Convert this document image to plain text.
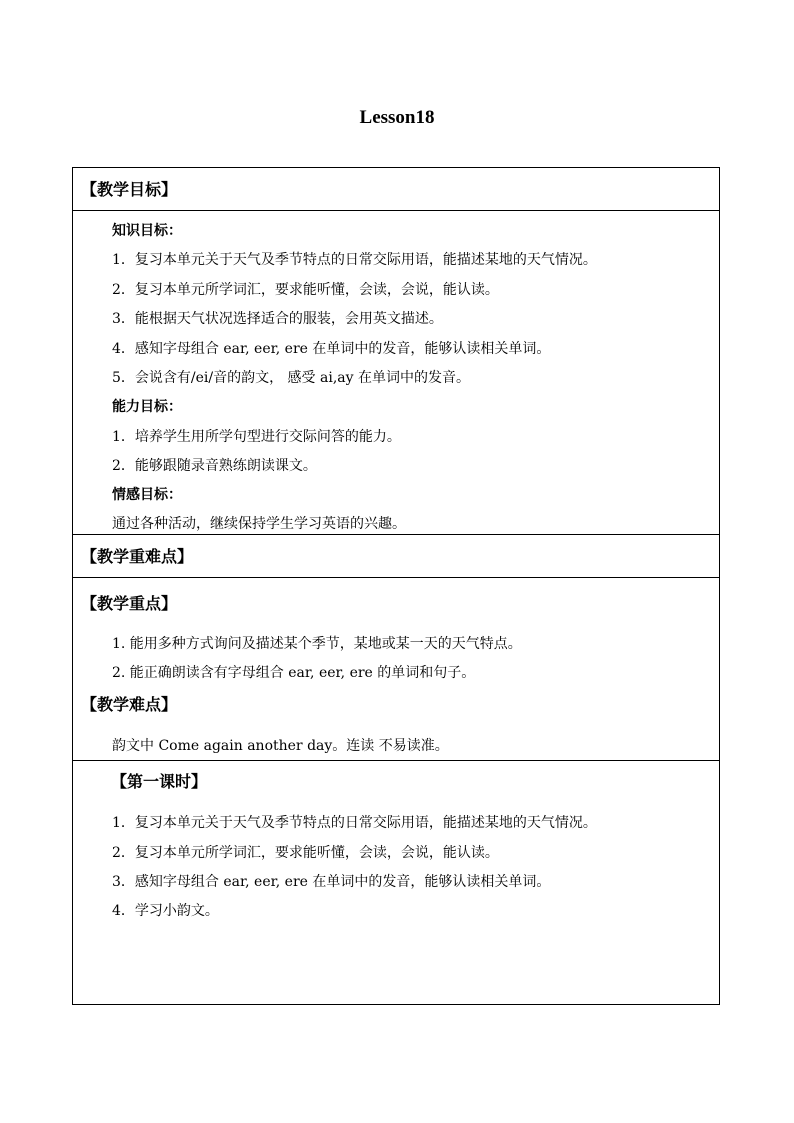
Lesson18
【教学目标】
知识目标：
1．复习本单元关于天气及季节特点的日常交际用语，能描述某地的天气情况。
2．复习本单元所学词汇，要求能听懂，会读，会说，能认读。
3．能根据天气状况选择适合的服装，会用英文描述。
4．感知字母组合 ear, eer, ere 在单词中的发音，能够认读相关单词。
5．会说含有/ei/音的韵文， 感受 ai,ay 在单词中的发音。
能力目标：
1．培养学生用所学句型进行交际问答的能力。
2．能够跟随录音熟练朗读课文。
情感目标：
通过各种活动，继续保持学生学习英语的兴趣。
【教学重难点】
【教学重点】
1. 能用多种方式询问及描述某个季节，某地或某一天的天气特点。
2. 能正确朗读含有字母组合 ear, eer, ere 的单词和句子。
【教学难点】
韵文中 Come again another day。连读 不易读准。
【第一课时】
1．复习本单元关于天气及季节特点的日常交际用语，能描述某地的天气情况。
2．复习本单元所学词汇，要求能听懂，会读，会说，能认读。
3．感知字母组合 ear, eer, ere 在单词中的发音，能够认读相关单词。
4．学习小韵文。
